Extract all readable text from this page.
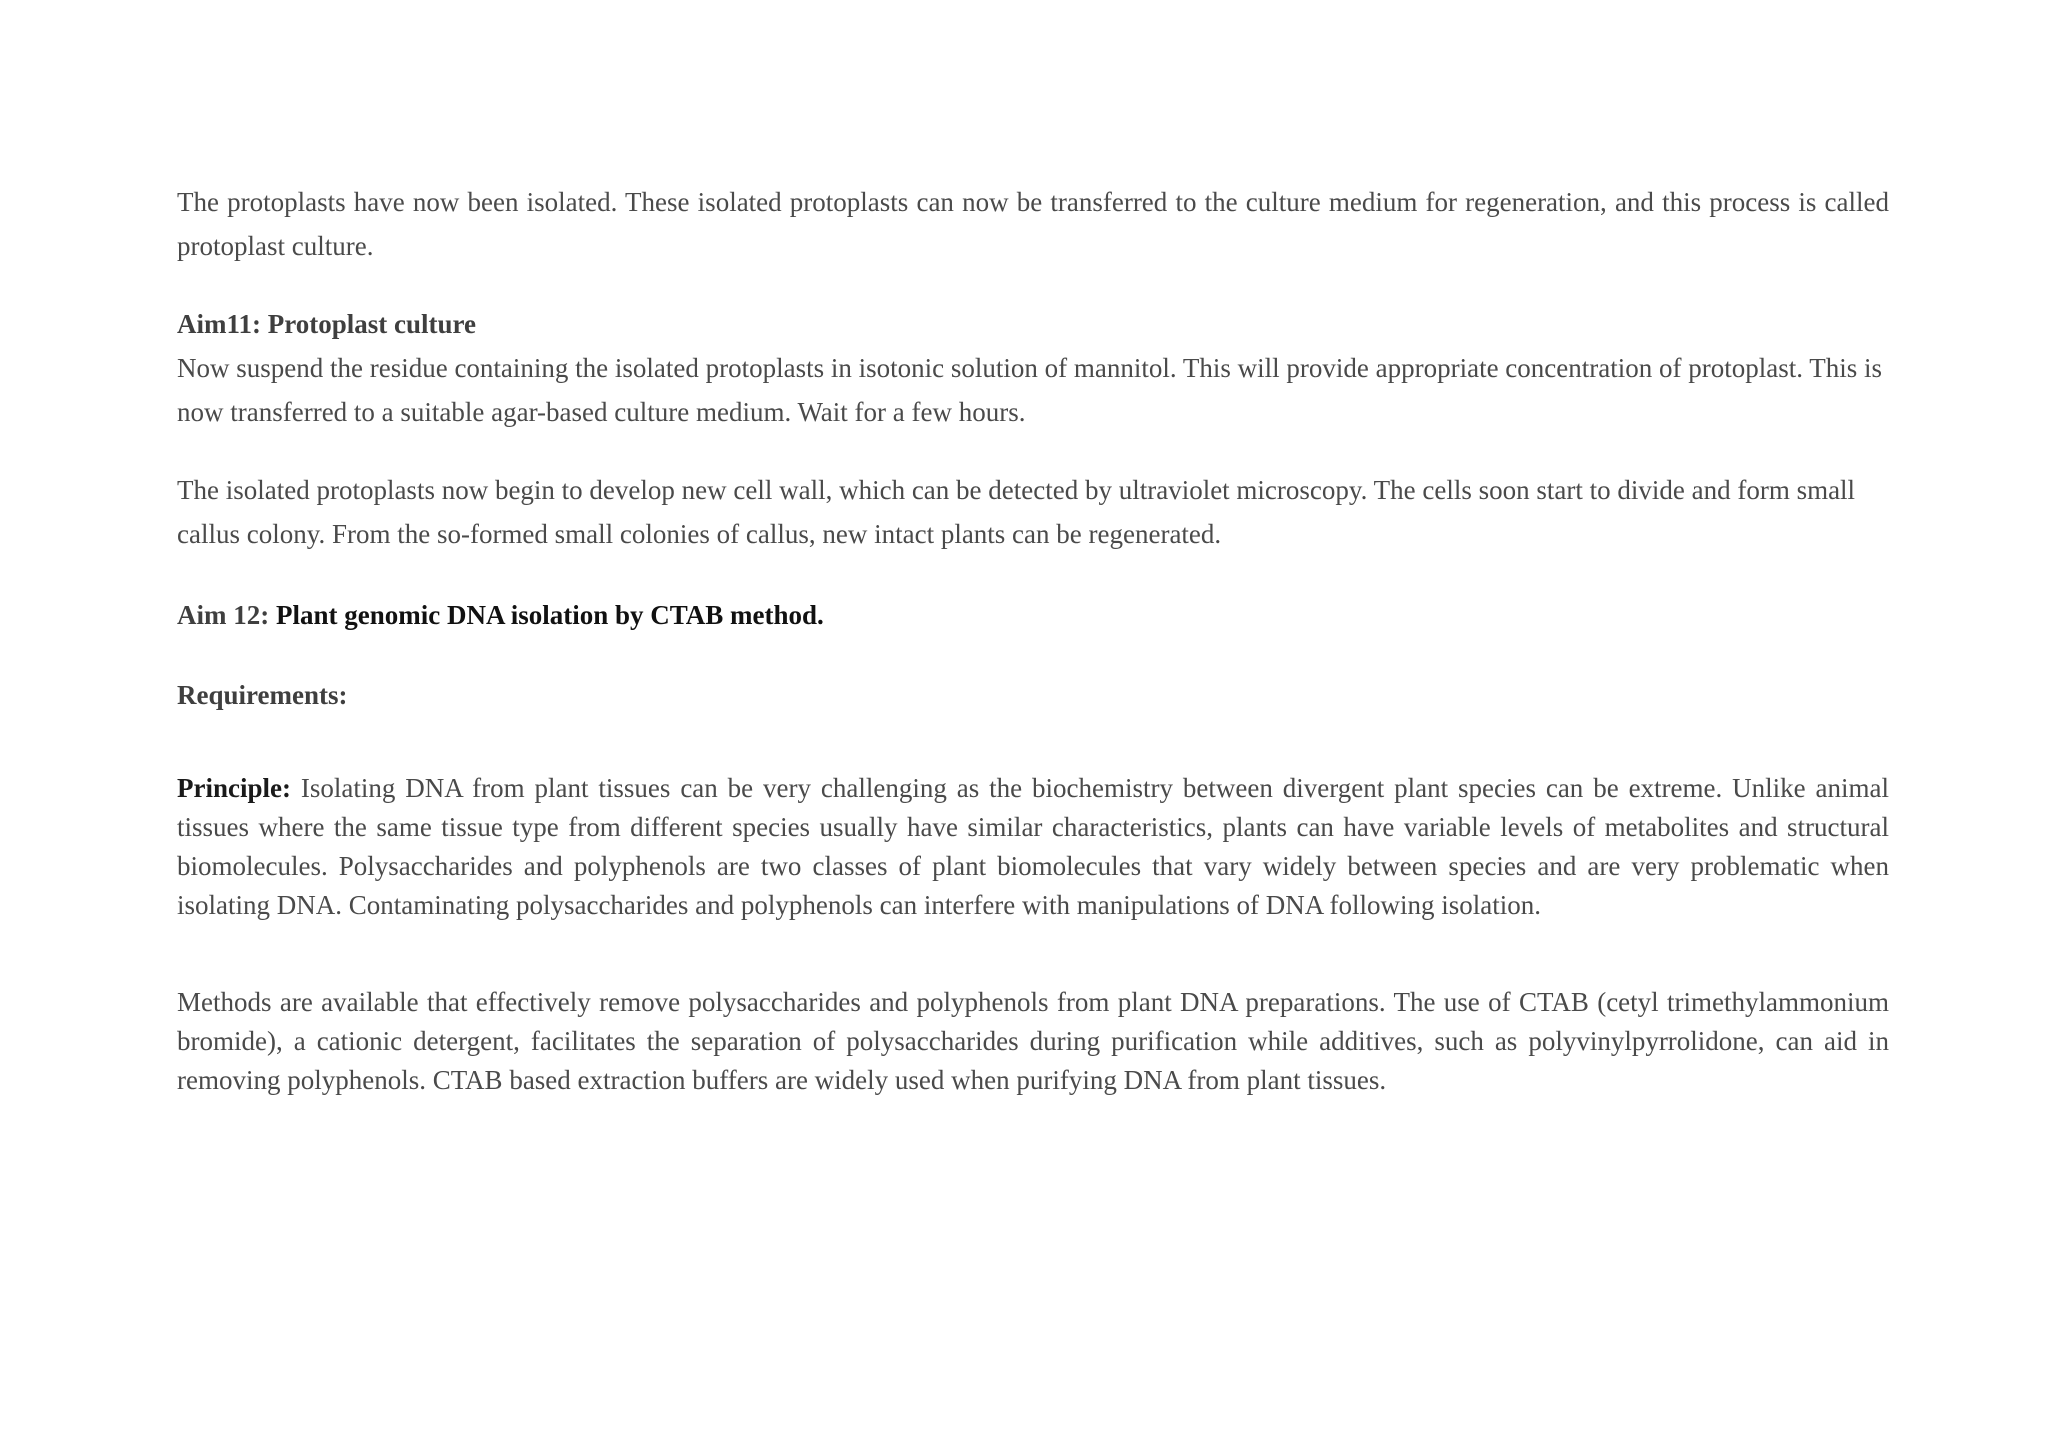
The protoplasts have now been isolated. These isolated protoplasts can now be transferred to the culture medium for regeneration, and this process is called protoplast culture.

Aim11: Protoplast culture

Now suspend the residue containing the isolated protoplasts in isotonic solution of mannitol. This will provide appropriate concentration of protoplast. This is now transferred to a suitable agar-based culture medium. Wait for a few hours.

The isolated protoplasts now begin to develop new cell wall, which can be detected by ultraviolet microscopy. The cells soon start to divide and form small callus colony. From the so-formed small colonies of callus, new intact plants can be regenerated.

Aim 12: Plant genomic DNA isolation by CTAB method.

Requirements:

Principle: Isolating DNA from plant tissues can be very challenging as the biochemistry between divergent plant species can be extreme. Unlike animal tissues where the same tissue type from different species usually have similar characteristics, plants can have variable levels of metabolites and structural biomolecules. Polysaccharides and polyphenols are two classes of plant biomolecules that vary widely between species and are very problematic when isolating DNA. Contaminating polysaccharides and polyphenols can interfere with manipulations of DNA following isolation.

Methods are available that effectively remove polysaccharides and polyphenols from plant DNA preparations. The use of CTAB (cetyl trimethylammonium bromide), a cationic detergent, facilitates the separation of polysaccharides during purification while additives, such as polyvinylpyrrolidone, can aid in removing polyphenols. CTAB based extraction buffers are widely used when purifying DNA from plant tissues.
